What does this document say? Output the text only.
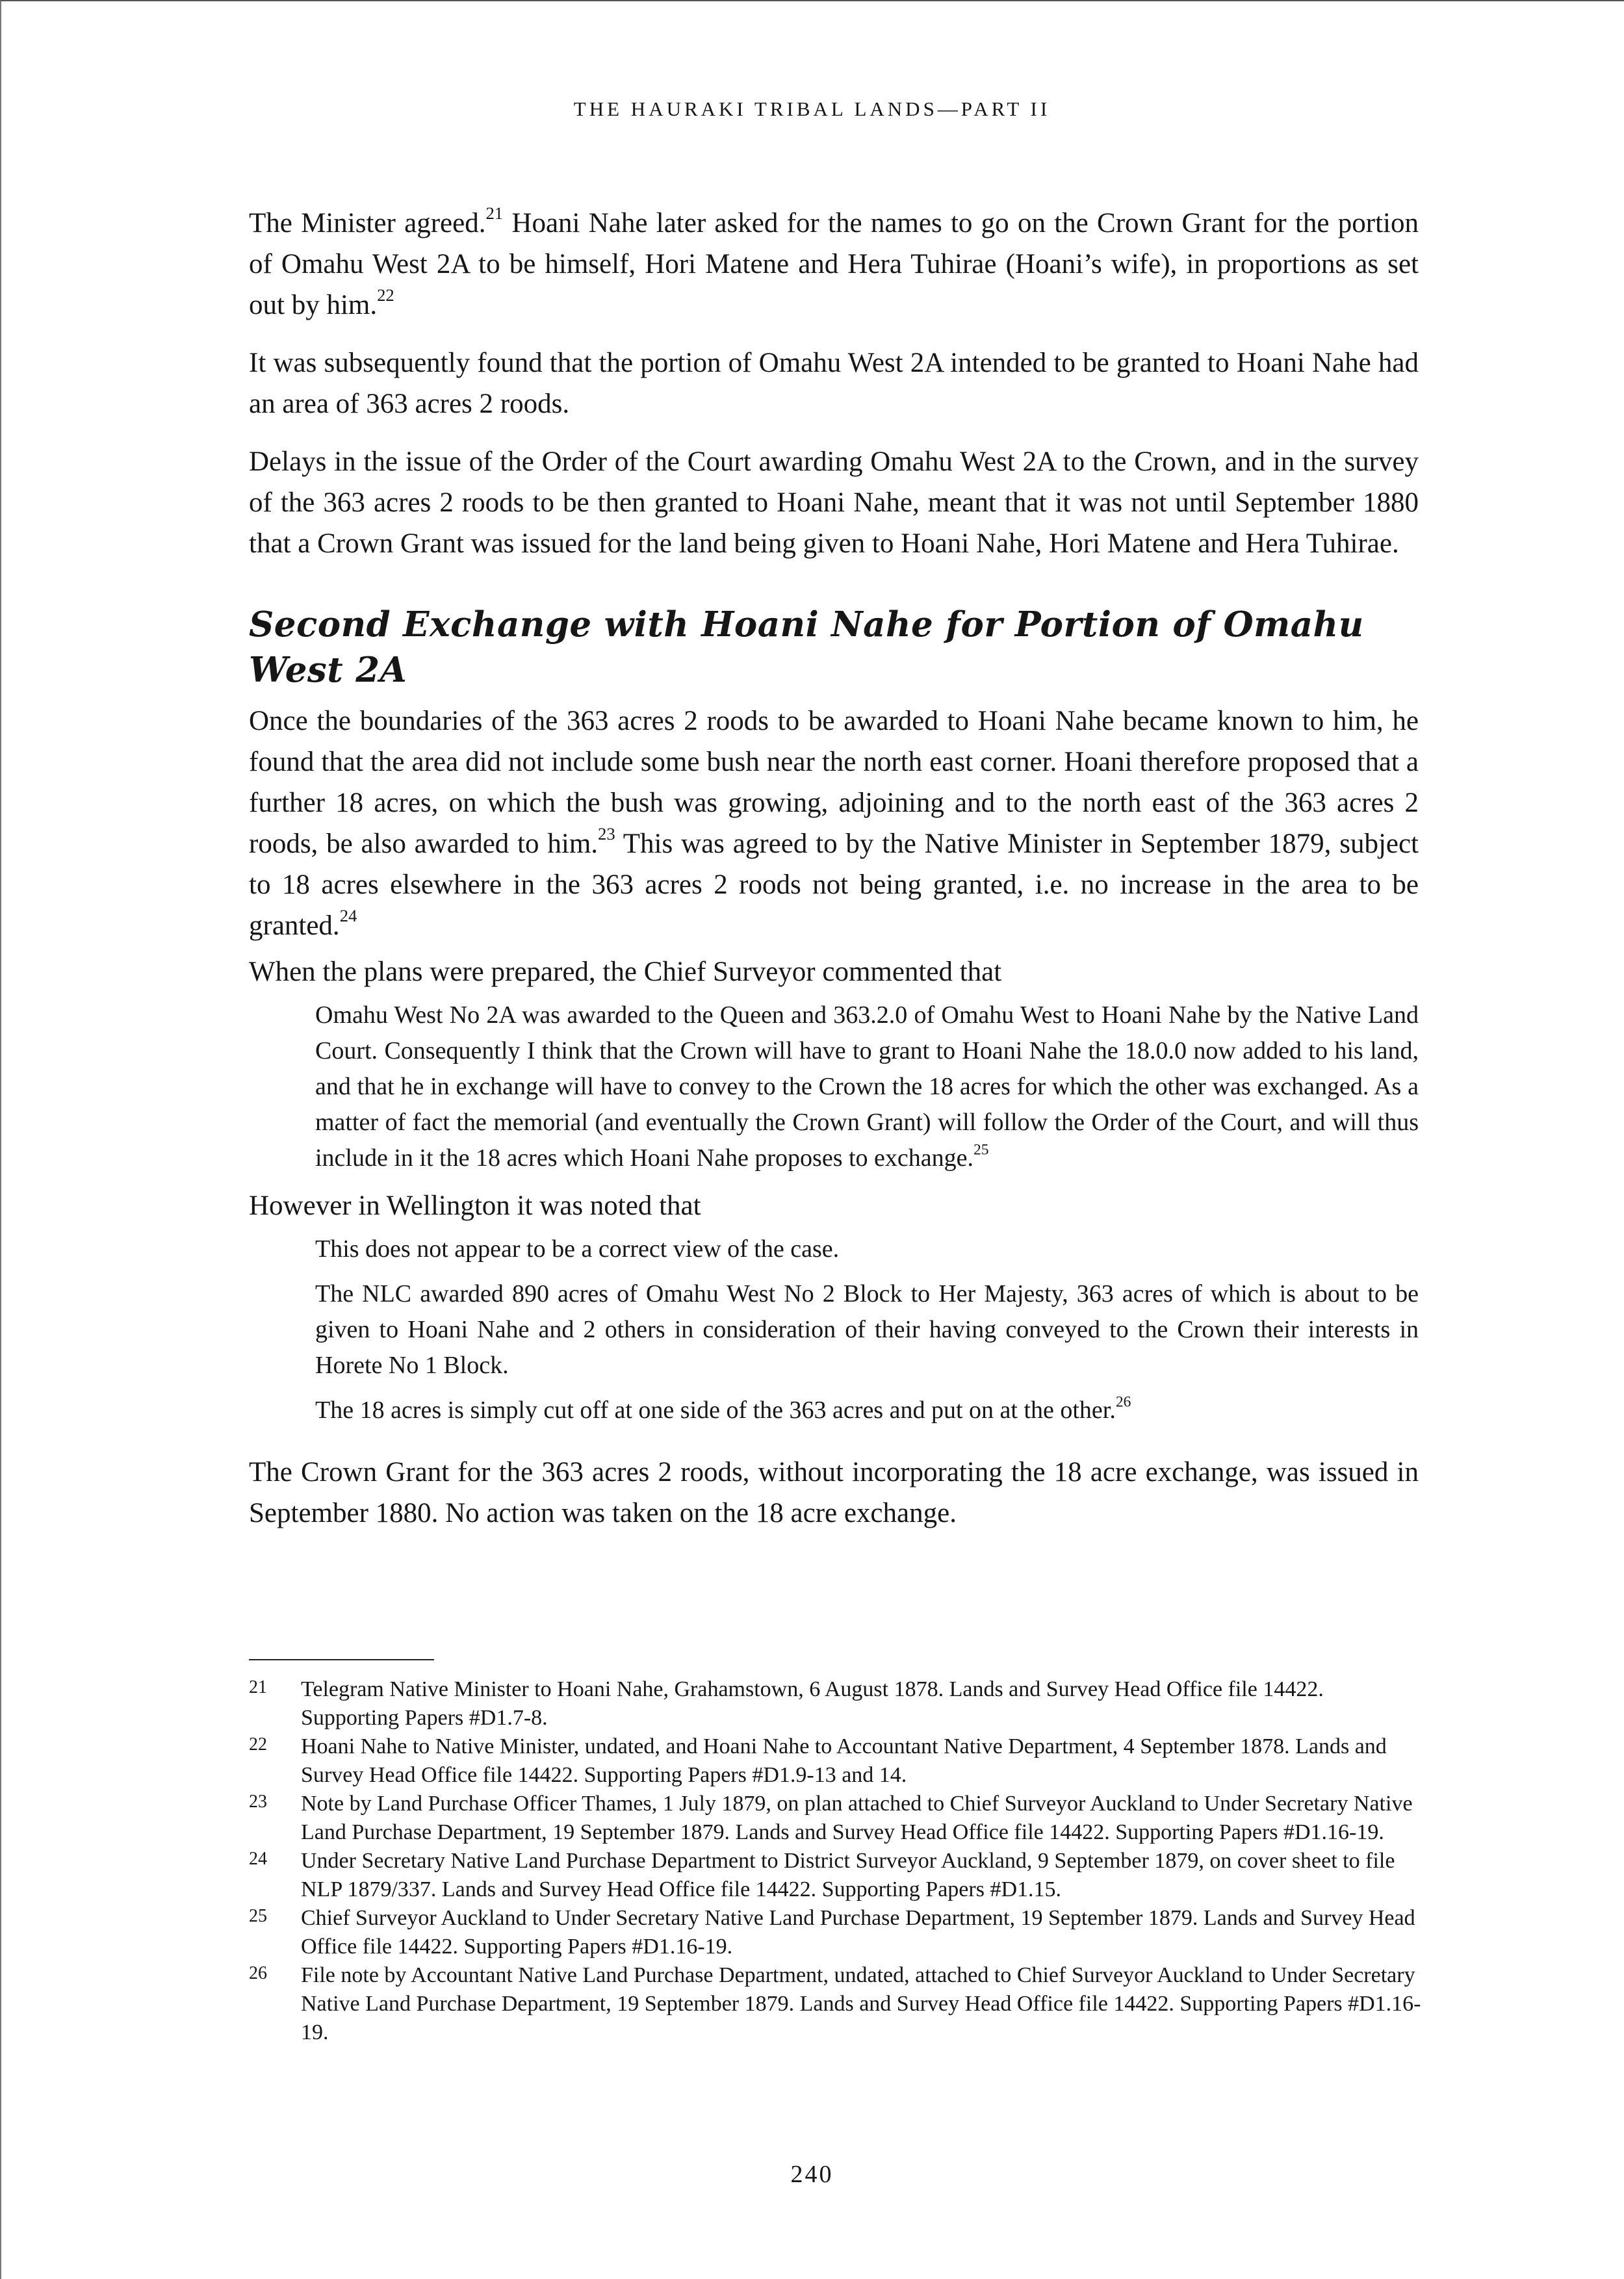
THE HAURAKI TRIBAL LANDS—PART II

The Minister agreed.$^{21}$ Hoani Nahe later asked for the names to go on the Crown Grant for the portion of Omahu West 2A to be himself, Hori Matene and Hera Tuhirae (Hoani’s wife), in proportions as set out by him.$^{22}$

It was subsequently found that the portion of Omahu West 2A intended to be granted to Hoani Nahe had an area of 363 acres 2 roods.

Delays in the issue of the Order of the Court awarding Omahu West 2A to the Crown, and in the survey of the 363 acres 2 roods to be then granted to Hoani Nahe, meant that it was not until September 1880 that a Crown Grant was issued for the land being given to Hoani Nahe, Hori Matene and Hera Tuhirae.

Second Exchange with Hoani Nahe for Portion of Omahu West 2A

Once the boundaries of the 363 acres 2 roods to be awarded to Hoani Nahe became known to him, he found that the area did not include some bush near the north east corner. Hoani therefore proposed that a further 18 acres, on which the bush was growing, adjoining and to the north east of the 363 acres 2 roods, be also awarded to him.$^{23}$ This was agreed to by the Native Minister in September 1879, subject to 18 acres elsewhere in the 363 acres 2 roods not being granted, i.e. no increase in the area to be granted.$^{24}$

When the plans were prepared, the Chief Surveyor commented that

Omahu West No 2A was awarded to the Queen and 363.2.0 of Omahu West to Hoani Nahe by the Native Land Court. Consequently I think that the Crown will have to grant to Hoani Nahe the 18.0.0 now added to his land, and that he in exchange will have to convey to the Crown the 18 acres for which the other was exchanged. As a matter of fact the memorial (and eventually the Crown Grant) will follow the Order of the Court, and will thus include in it the 18 acres which Hoani Nahe proposes to exchange.$^{25}$

However in Wellington it was noted that

This does not appear to be a correct view of the case.

The NLC awarded 890 acres of Omahu West No 2 Block to Her Majesty, 363 acres of which is about to be given to Hoani Nahe and 2 others in consideration of their having conveyed to the Crown their interests in Horete No 1 Block.

The 18 acres is simply cut off at one side of the 363 acres and put on at the other.$^{26}$

The Crown Grant for the 363 acres 2 roods, without incorporating the 18 acre exchange, was issued in September 1880. No action was taken on the 18 acre exchange.

21	Telegram Native Minister to Hoani Nahe, Grahamstown, 6 August 1878. Lands and Survey Head Office file 14422. Supporting Papers #D1.7-8.
22	Hoani Nahe to Native Minister, undated, and Hoani Nahe to Accountant Native Department, 4 September 1878. Lands and Survey Head Office file 14422. Supporting Papers #D1.9-13 and 14.
23	Note by Land Purchase Officer Thames, 1 July 1879, on plan attached to Chief Surveyor Auckland to Under Secretary Native Land Purchase Department, 19 September 1879. Lands and Survey Head Office file 14422. Supporting Papers #D1.16-19.
24	Under Secretary Native Land Purchase Department to District Surveyor Auckland, 9 September 1879, on cover sheet to file NLP 1879/337. Lands and Survey Head Office file 14422. Supporting Papers #D1.15.
25	Chief Surveyor Auckland to Under Secretary Native Land Purchase Department, 19 September 1879. Lands and Survey Head Office file 14422. Supporting Papers #D1.16-19.
26	File note by Accountant Native Land Purchase Department, undated, attached to Chief Surveyor Auckland to Under Secretary Native Land Purchase Department, 19 September 1879. Lands and Survey Head Office file 14422. Supporting Papers #D1.16-19.
240
